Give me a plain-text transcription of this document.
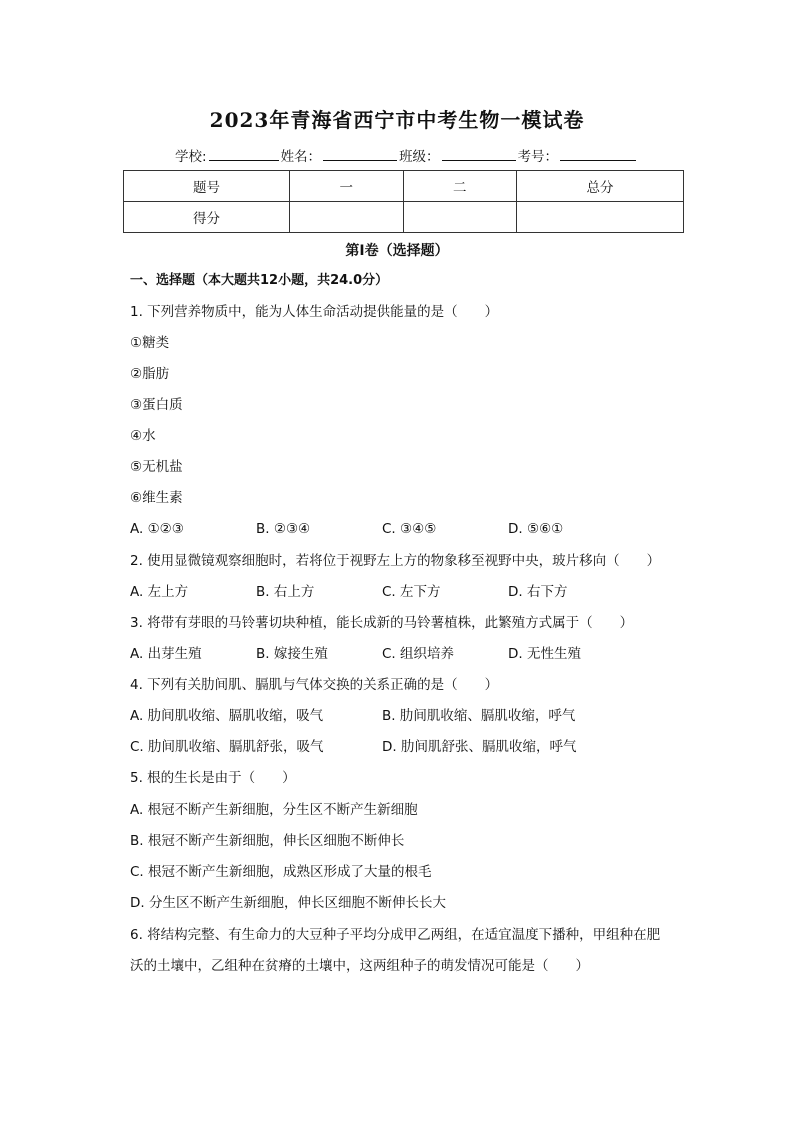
2023年青海省西宁市中考生物一模试卷
学校:	姓名：	班级：	考号：
题号	一	二	总分
得分			
第I卷（选择题）
一、选择题（本大题共12小题，共24.0分）
1. 下列营养物质中，能为人体生命活动提供能量的是（　　）
①糖类
②脂肪
③蛋白质
④水
⑤无机盐
⑥维生素
A. ①②③	B. ②③④	C. ③④⑤	D. ⑤⑥①
2. 使用显微镜观察细胞时，若将位于视野左上方的物象移至视野中央，玻片移向（　　）
A. 左上方	B. 右上方	C. 左下方	D. 右下方
3. 将带有芽眼的马铃薯切块种植，能长成新的马铃薯植株，此繁殖方式属于（　　）
A. 出芽生殖	B. 嫁接生殖	C. 组织培养	D. 无性生殖
4. 下列有关肋间肌、膈肌与气体交换的关系正确的是（　　）
A. 肋间肌收缩、膈肌收缩，吸气	B. 肋间肌收缩、膈肌收缩，呼气
C. 肋间肌收缩、膈肌舒张，吸气	D. 肋间肌舒张、膈肌收缩，呼气
5. 根的生长是由于（　　）
A. 根冠不断产生新细胞，分生区不断产生新细胞
B. 根冠不断产生新细胞，伸长区细胞不断伸长
C. 根冠不断产生新细胞，成熟区形成了大量的根毛
D. 分生区不断产生新细胞，伸长区细胞不断伸长长大
6. 将结构完整、有生命力的大豆种子平均分成甲乙两组，在适宜温度下播种，甲组种在肥
沃的土壤中，乙组种在贫瘠的土壤中，这两组种子的萌发情况可能是（　　）
